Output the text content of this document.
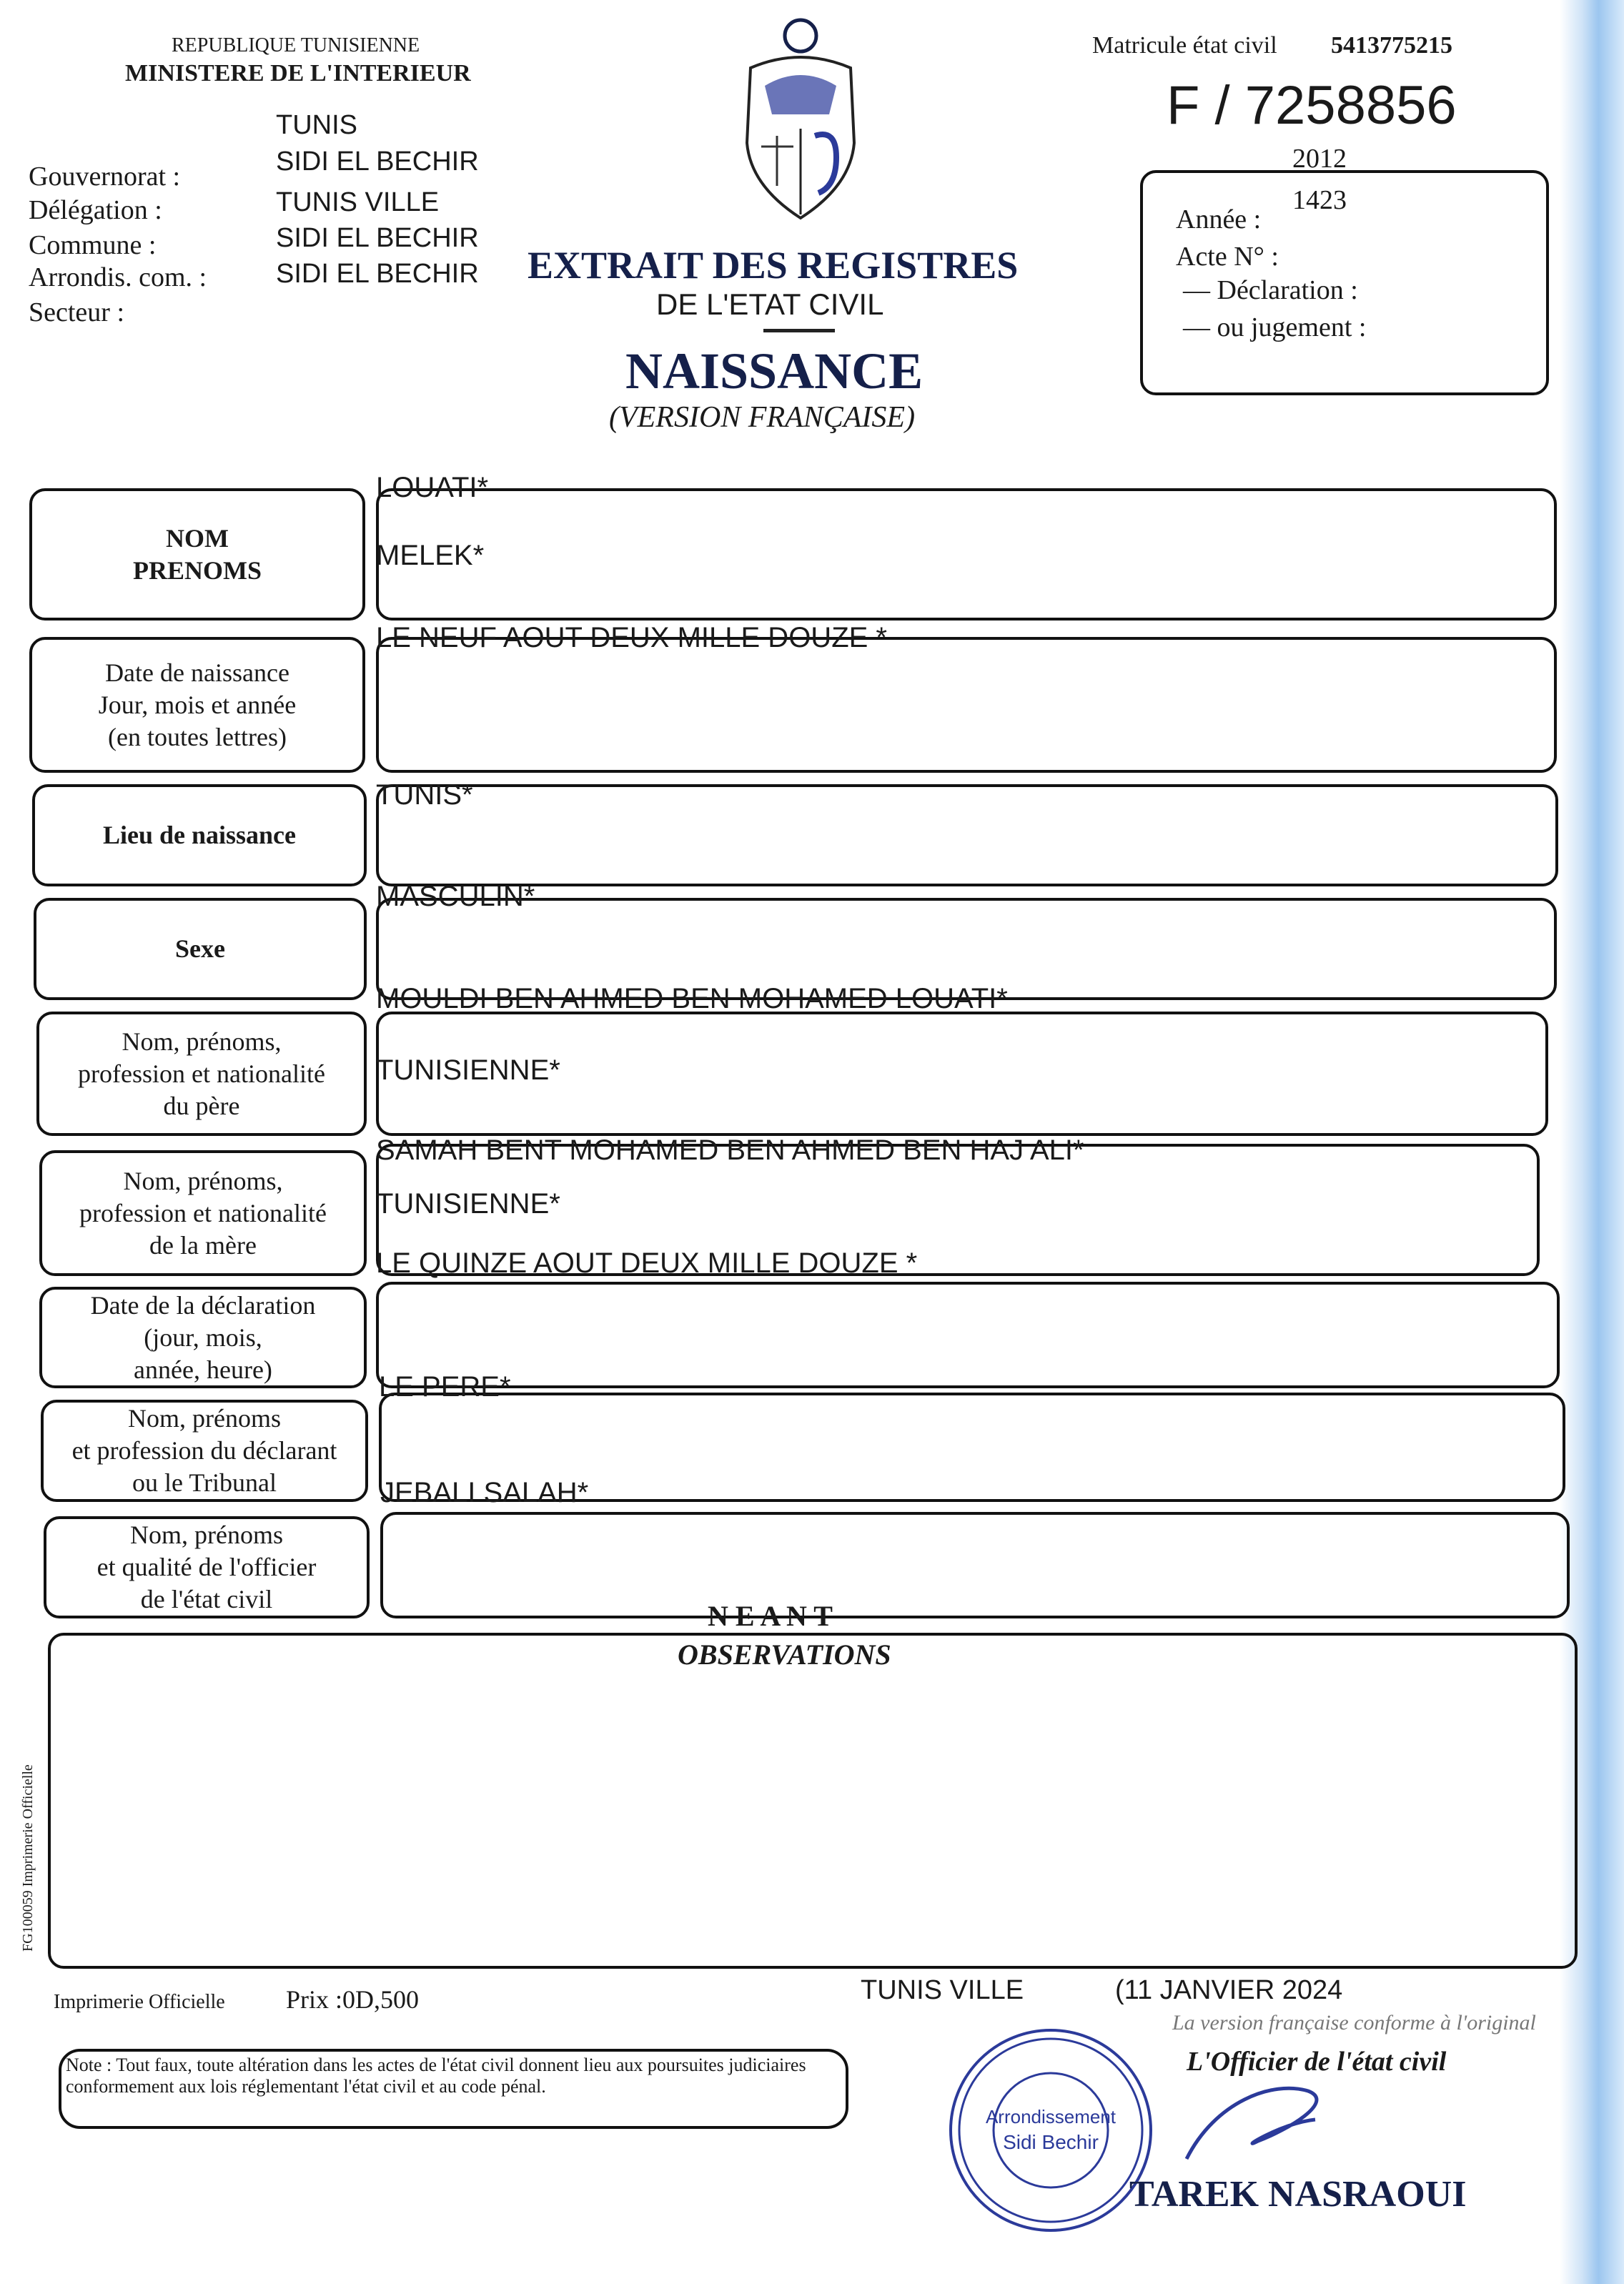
REPUBLIQUE TUNISIENNE
MINISTERE DE L'INTERIEUR
Gouvernorat :
Délégation :
Commune :
Arrondis. com. :
Secteur :
TUNIS
SIDI EL BECHIR
TUNIS VILLE
SIDI EL BECHIR
SIDI EL BECHIR EXTRAIT DES REGISTRES
DE L'ETAT CIVIL
NAISSANCE
(VERSION FRANÇAISE)
Matricule état civil 5413775215
F / 7258856
2012
1423
Année :
Acte N° :
— Déclaration :
— ou jugement :
NOM
PRENOMS
LOUATI*
MELEK*
Date de naissance
Jour, mois et année
(en toutes lettres)
LE NEUF AOUT DEUX MILLE DOUZE *
Lieu de naissance
TUNIS*
Sexe
MASCULIN*
Nom, prénoms,
profession et nationalité
du père
MOULDI BEN AHMED BEN MOHAMED LOUATI*
TUNISIENNE*
Nom, prénoms,
profession et nationalité
de la mère
SAMAH BENT MOHAMED BEN AHMED BEN HAJ ALI*
TUNISIENNE*
Date de la déclaration
(jour, mois,
année, heure)
LE QUINZE AOUT DEUX MILLE DOUZE *
Nom, prénoms
et profession du déclarant
ou le Tribunal
LE PERE*
Nom, prénoms
et qualité de l'officier
de l'état civil
JEBALI SALAH*
N E A N T
OBSERVATIONS
FG100059 Imprimerie Officielle
Imprimerie Officielle Prix :0D,500	TUNIS VILLE	(11 JANVIER 2024
La version française conforme à l'original
Note : Tout faux, toute altération dans les actes de l'état civil donnent lieu aux poursuites judiciaires conformement aux lois réglementant l'état civil et au code pénal.
Arrondissement
Sidi Bechir
L'Officier de l'état civil
TAREK NASRAOUI
